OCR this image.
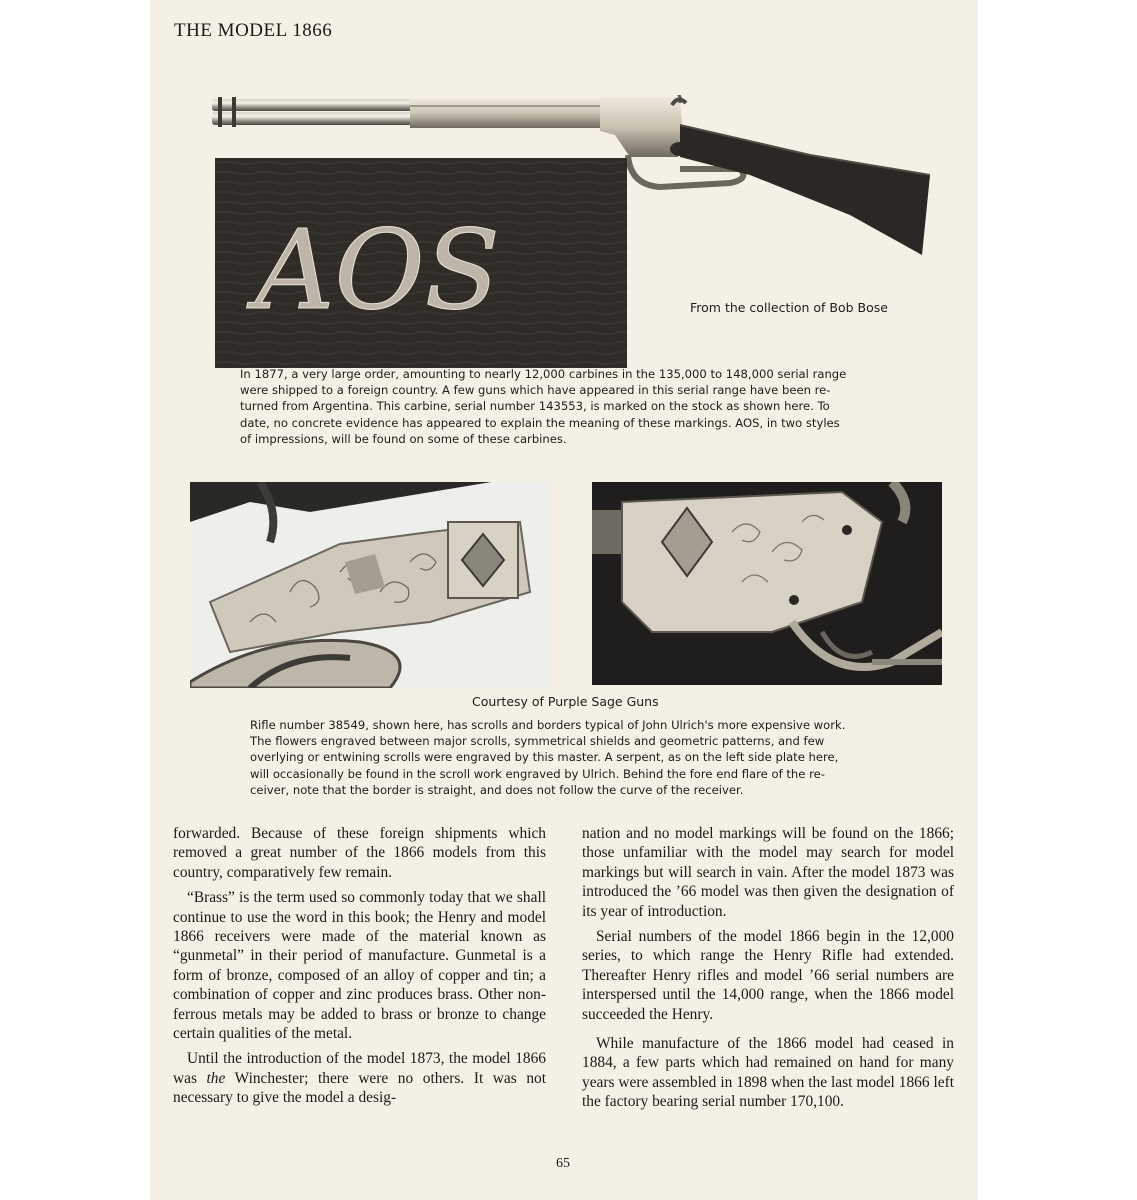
THE MODEL 1866
AOS	From the collection of Bob Bose

In 1877, a very large order, amounting to nearly 12,000 carbines in the 135,000 to 148,000 serial range

were shipped to a foreign country. A few guns which have appeared in this serial range have been re-

turned from Argentina. This carbine, serial number 143553, is marked on the stock as shown here. To

date, no concrete evidence has appeared to explain the meaning of these markings. AOS, in two styles

of impressions, will be found on some of these carbines.

Courtesy of Purple Sage Guns

Rifle number 38549, shown here, has scrolls and borders typical of John Ulrich's more expensive work.

The flowers engraved between major scrolls, symmetrical shields and geometric patterns, and few

overlying or entwining scrolls were engraved by this master. A serpent, as on the left side plate here,

will occasionally be found in the scroll work engraved by Ulrich. Behind the fore end flare of the re-

ceiver, note that the border is straight, and does not follow the curve of the receiver.

forwarded. Because of these foreign shipments which removed a great number of the 1866 models from this country, comparatively few remain.

“Brass” is the term used so commonly today that we shall continue to use the word in this book; the Henry and model 1866 receivers were made of the material known as “gunmetal” in their period of manufacture. Gunmetal is a form of bronze, composed of an alloy of copper and tin; a combination of copper and zinc produces brass. Other non-ferrous metals may be added to brass or bronze to change certain qualities of the metal.

Until the introduction of the model 1873, the model 1866 was the Winchester; there were no others. It was not necessary to give the model a desig-

nation and no model markings will be found on the 1866; those unfamiliar with the model may search for model markings but will search in vain. After the model 1873 was introduced the ’66 model was then given the designation of its year of introduction.

Serial numbers of the model 1866 begin in the 12,000 series, to which range the Henry Rifle had extended. Thereafter Henry rifles and model ’66 serial numbers are interspersed until the 14,000 range, when the 1866 model succeeded the Henry.

While manufacture of the 1866 model had ceased in 1884, a few parts which had remained on hand for many years were assembled in 1898 when the last model 1866 left the factory bearing serial number 170,100.

65
